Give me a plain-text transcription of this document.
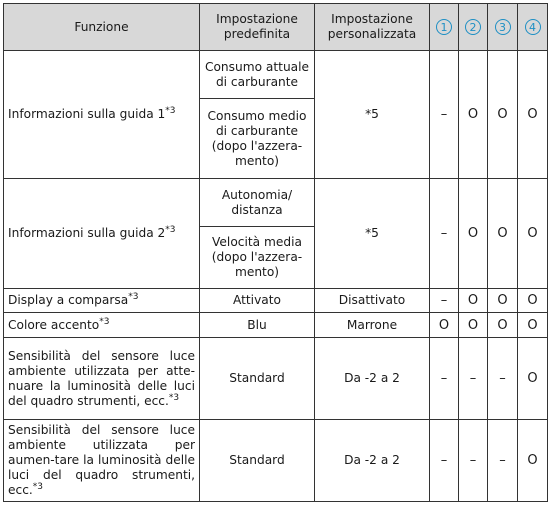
Funzione	Impostazione predefinita	Impostazione personalizzata	1	2	3	4
Informazioni sulla guida 1$^{*3}$	Consumo attuale di carburante	*5	–	O	O	O
	Consumo medio di carburante (dopo l'azzera-mento)					
Informazioni sulla guida 2$^{*3}$	Autonomia/ distanza	*5	–	O	O	O
	Velocità media (dopo l'azzera-mento)					
Display a comparsa$^{*3}$	Attivato	Disattivato	–	O	O	O
Colore accento$^{*3}$	Blu	Marrone	O	O	O	O
Sensibilità del sensore luce ambiente utilizzata per atte-nuare la luminosità delle luci del quadro strumenti, ecc.$^{*3}$	Standard	Da -2 a 2	–	–	–	O
Sensibilità del sensore luce ambiente utilizzata per aumen-tare la luminosità delle luci del quadro strumenti, ecc.$^{*3}$	Standard	Da -2 a 2	–	–	–	O
